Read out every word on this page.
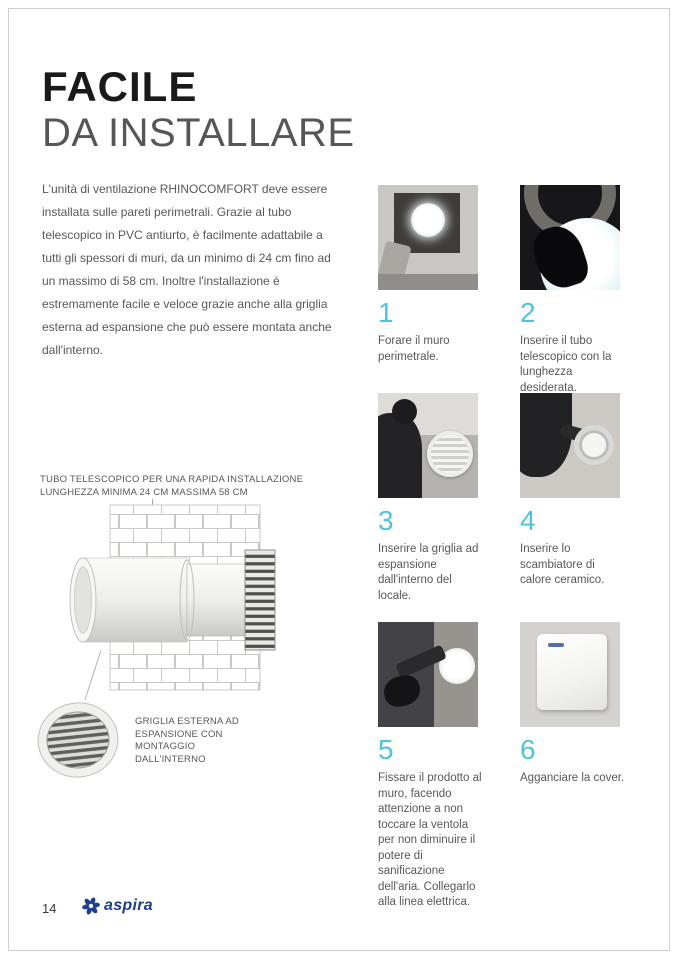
FACILE
DA INSTALLARE

L'unità di ventilazione RHINOCOMFORT deve essere installata sulle pareti perimetrali. Grazie al tubo telescopico in PVC antiurto, è facilmente adattabile a tutti gli spessori di muri, da un minimo di 24 cm fino ad un massimo di 58 cm. Inoltre l'installazione è estremamente facile e veloce grazie anche alla griglia esterna ad espansione che può essere montata anche dall'interno.

TUBO TELESCOPICO PER UNA RAPIDA INSTALLAZIONE LUNGHEZZA MINIMA 24 CM MASSIMA 58 CM
GRIGLIA ESTERNA AD ESPANSIONE CON MONTAGGIO DALL'INTERNO
1
Forare il muro perimetrale.
2
Inserire il tubo telescopico con la lunghezza desiderata.
3
Inserire la griglia ad espansione dall'interno del locale.
4
Inserire lo scambiatore di calore ceramico.
5
Fissare il prodotto al muro, facendo attenzione a non toccare la ventola per non diminuire il potere di sanificazione dell'aria. Collegarlo alla linea elettrica.
6
Agganciare la cover.
14	aspira
